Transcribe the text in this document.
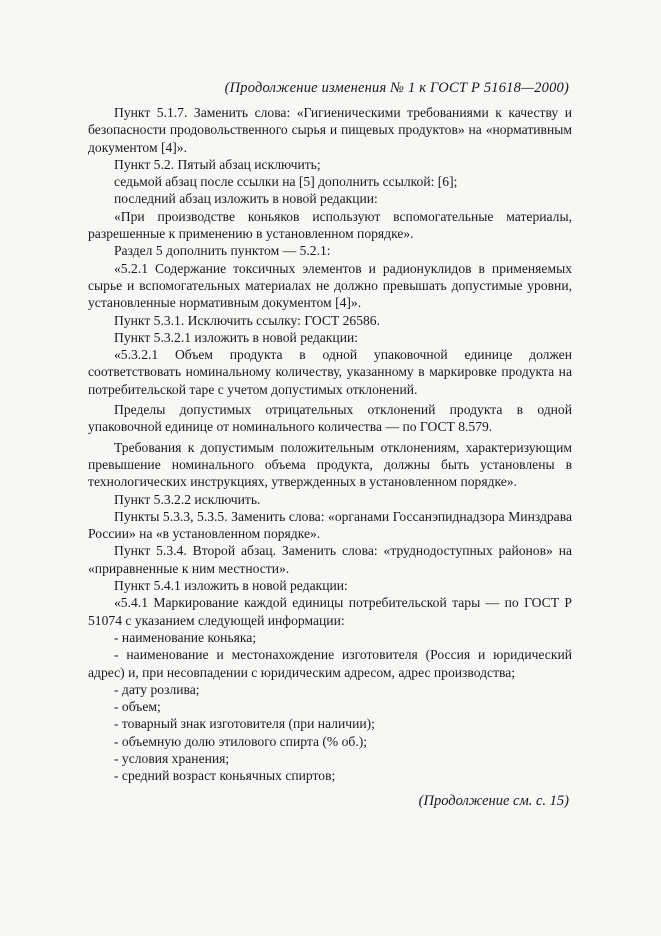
(Продолжение изменения № 1 к ГОСТ Р 51618—2000)

Пункт 5.1.7. Заменить слова: «Гигиеническими требованиями к качеству и безопасности продовольственного сырья и пищевых продуктов» на «нормативным документом [4]».

Пункт 5.2. Пятый абзац исключить;

седьмой абзац после ссылки на [5] дополнить ссылкой: [6];

последний абзац изложить в новой редакции:

«При производстве коньяков используют вспомогательные материалы, разрешенные к применению в установленном порядке».

Раздел 5 дополнить пунктом — 5.2.1:

«5.2.1 Содержание токсичных элементов и радионуклидов в применяемых сырье и вспомогательных материалах не должно превышать допустимые уровни, установленные нормативным документом [4]».

Пункт 5.3.1. Исключить ссылку: ГОСТ 26586.

Пункт 5.3.2.1 изложить в новой редакции:

«5.3.2.1 Объем продукта в одной упаковочной единице должен соответствовать номинальному количеству, указанному в маркировке продукта на потребительской таре с учетом допустимых отклонений.

Пределы допустимых отрицательных отклонений продукта в одной упаковочной единице от номинального количества — по ГОСТ 8.579.

Требования к допустимым положительным отклонениям, характеризующим превышение номинального объема продукта, должны быть установлены в технологических инструкциях, утвержденных в установленном порядке».

Пункт 5.3.2.2 исключить.

Пункты 5.3.3, 5.3.5. Заменить слова: «органами Госсанэпиднадзора Минздрава России» на «в установленном порядке».

Пункт 5.3.4. Второй абзац. Заменить слова: «труднодоступных районов» на «приравненные к ним местности».

Пункт 5.4.1 изложить в новой редакции:

«5.4.1 Маркирование каждой единицы потребительской тары — по ГОСТ Р 51074 с указанием следующей информации:

- наименование коньяка;

- наименование и местонахождение изготовителя (Россия и юридический адрес) и, при несовпадении с юридическим адресом, адрес производства;

- дату розлива;

- объем;

- товарный знак изготовителя (при наличии);

- объемную долю этилового спирта (% об.);

- условия хранения;

- средний возраст коньячных спиртов;

(Продолжение см. с. 15)
